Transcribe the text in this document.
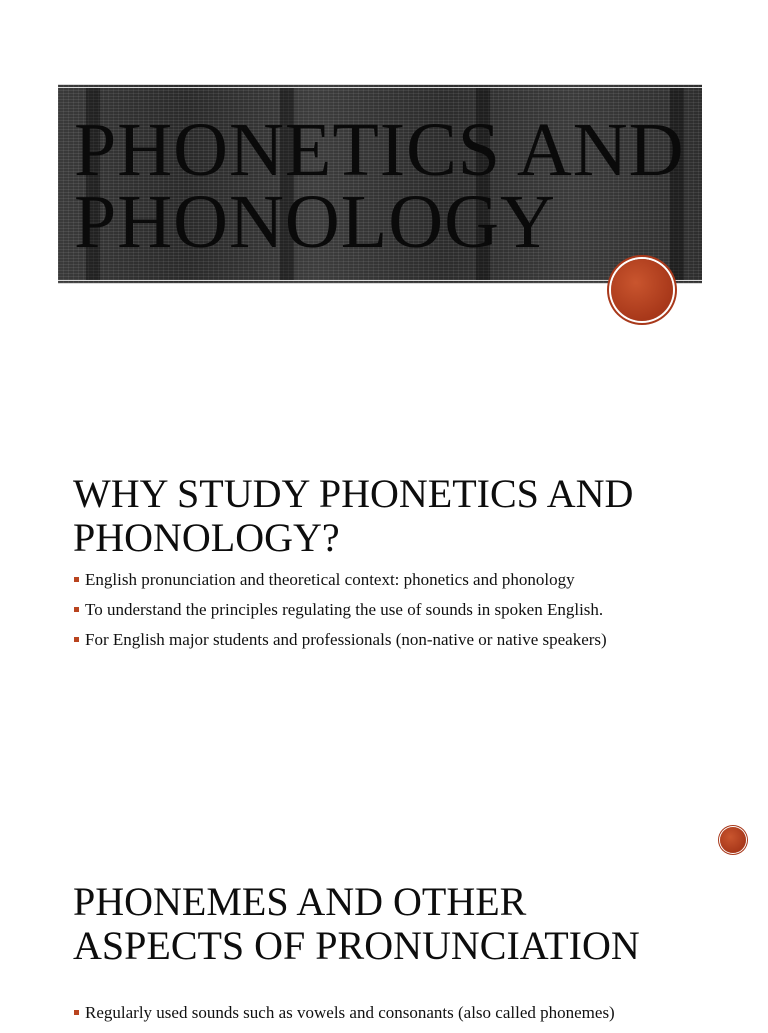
PHONETICS AND
PHONOLOGY
WHY STUDY PHONETICS AND
PHONOLOGY?
English pronunciation and theoretical context: phonetics and phonology
To understand the principles regulating the use of sounds in spoken English.
For English major students and professionals (non-native or native speakers)
PHONEMES AND OTHER
ASPECTS OF PRONUNCIATION
Regularly used sounds such as vowels and consonants (also called phonemes)
